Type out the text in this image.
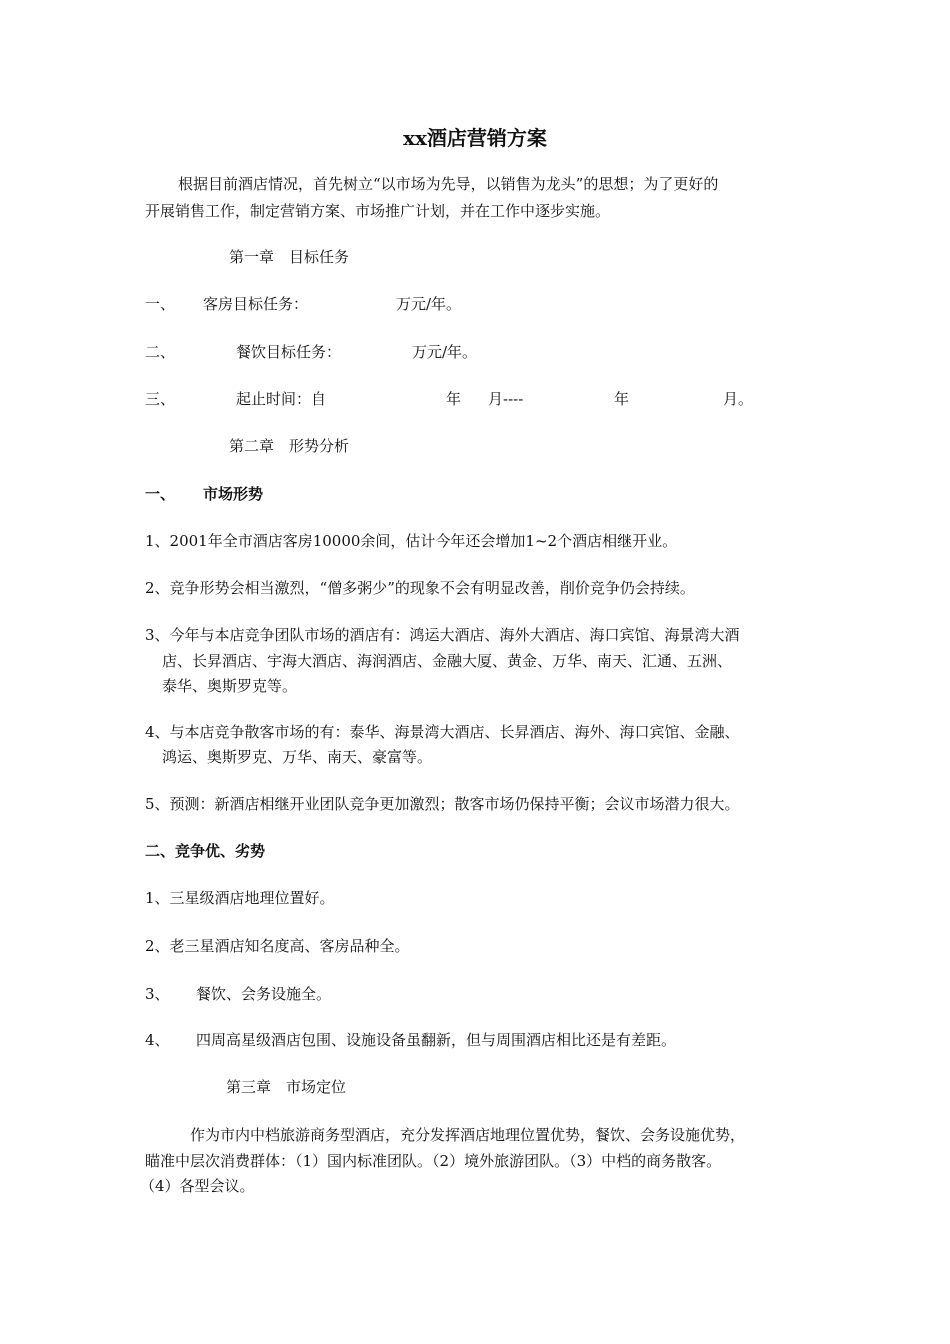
xx酒店营销方案
根据目前酒店情况，首先树立“以市场为先导，以销售为龙头”的思想；为了更好的
开展销售工作，制定营销方案、市场推广计划，并在工作中逐步实施。
第一章　目标任务
一、 客房目标任务：	万元/年。
二、	餐饮目标任务：	万元/年。
三、	起止时间：自	年 月----	年	月。
第二章　形势分析
一、 市场形势
1、2001年全市酒店客房10000余间，估计今年还会增加1~2个酒店相继开业。
2、竞争形势会相当激烈，“僧多粥少”的现象不会有明显改善，削价竞争仍会持续。
3、今年与本店竞争团队市场的酒店有：鸿运大酒店、海外大酒店、海口宾馆、海景湾大酒
店、长昇酒店、宇海大酒店、海润酒店、金融大厦、黄金、万华、南天、汇通、五洲、
泰华、奥斯罗克等。
4、与本店竞争散客市场的有：泰华、海景湾大酒店、长昇酒店、海外、海口宾馆、金融、
鸿运、奥斯罗克、万华、南天、豪富等。
5、预测：新酒店相继开业团队竞争更加激烈；散客市场仍保持平衡；会议市场潜力很大。
二、竞争优、劣势
1、三星级酒店地理位置好。
2、老三星酒店知名度高、客房品种全。
3、 餐饮、会务设施全。
4、 四周高星级酒店包围、设施设备虽翻新，但与周围酒店相比还是有差距。
第三章　市场定位
作为市内中档旅游商务型酒店，充分发挥酒店地理位置优势，餐饮、会务设施优势，
瞄准中层次消费群体：（1）国内标准团队。（2）境外旅游团队。（3）中档的商务散客。
（4）各型会议。
